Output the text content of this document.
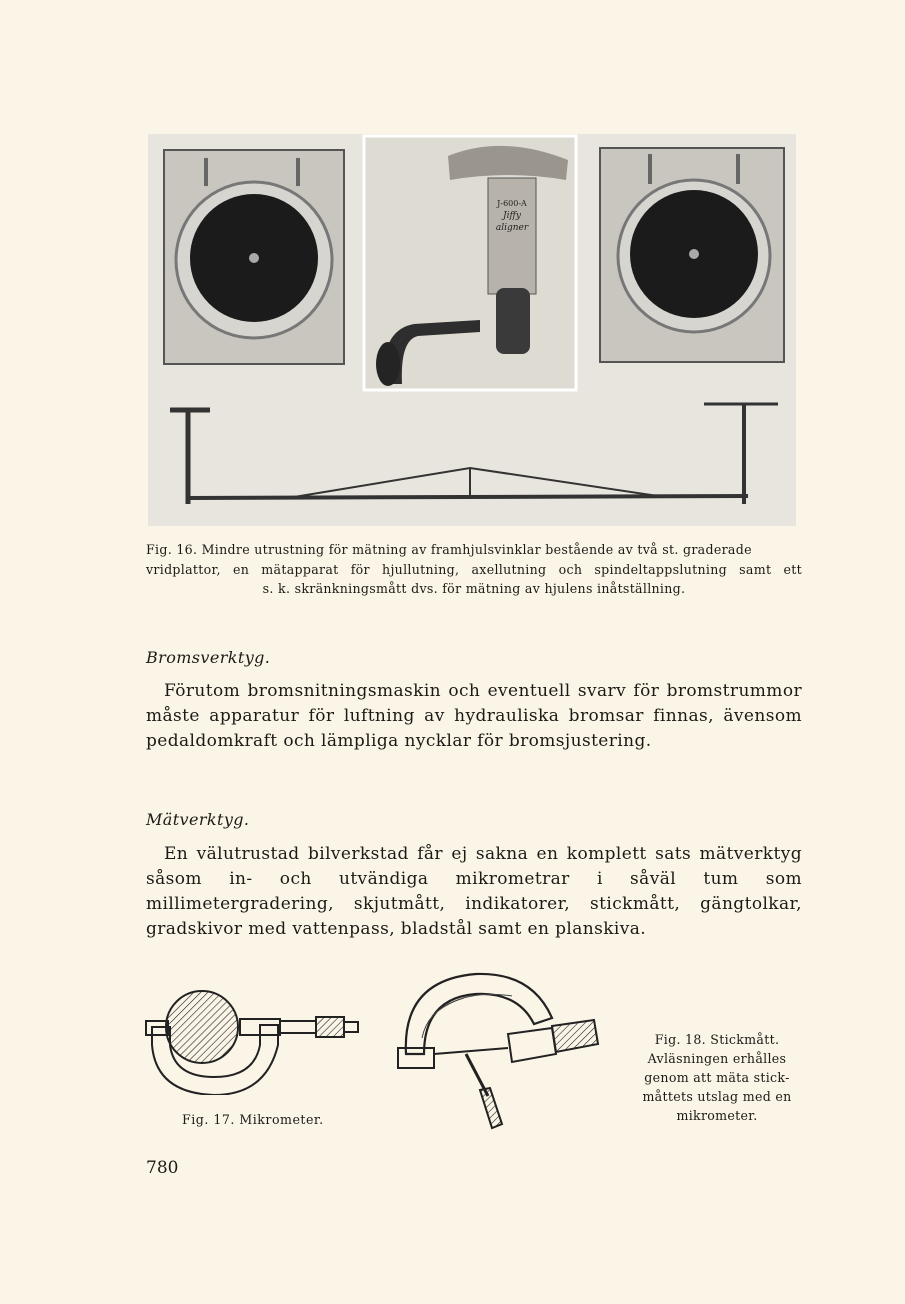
J-600-A
Jiffy
aligner
Fig. 16. Mindre utrustning för mätning av framhjulsvinklar bestående av två st. graderade
vridplattor, en mätapparat för hjullutning, axellutning och spindeltappslutning samt ett
s. k. skränkningsmått dvs. för mätning av hjulens inåtställning.
Bromsverktyg.
Förutom bromsnitningsmaskin och eventuell svarv för bromstrummor måste apparatur för luftning av hydrauliska bromsar finnas, ävensom pedaldomkraft och lämpliga nycklar för bromsjustering.
Mätverktyg.
En välutrustad bilverkstad får ej sakna en komplett sats mätverktyg såsom in- och utvändiga mikrometrar i såväl tum som millimetergradering, skjutmått, indikatorer, stickmått, gängtolkar, gradskivor med vattenpass, bladstål samt en planskiva.
Fig. 17. Mikrometer.
Fig. 18. Stickmått.
Avläsningen erhålles
genom att mäta stick-
måttets utslag med en
mikrometer.
780
